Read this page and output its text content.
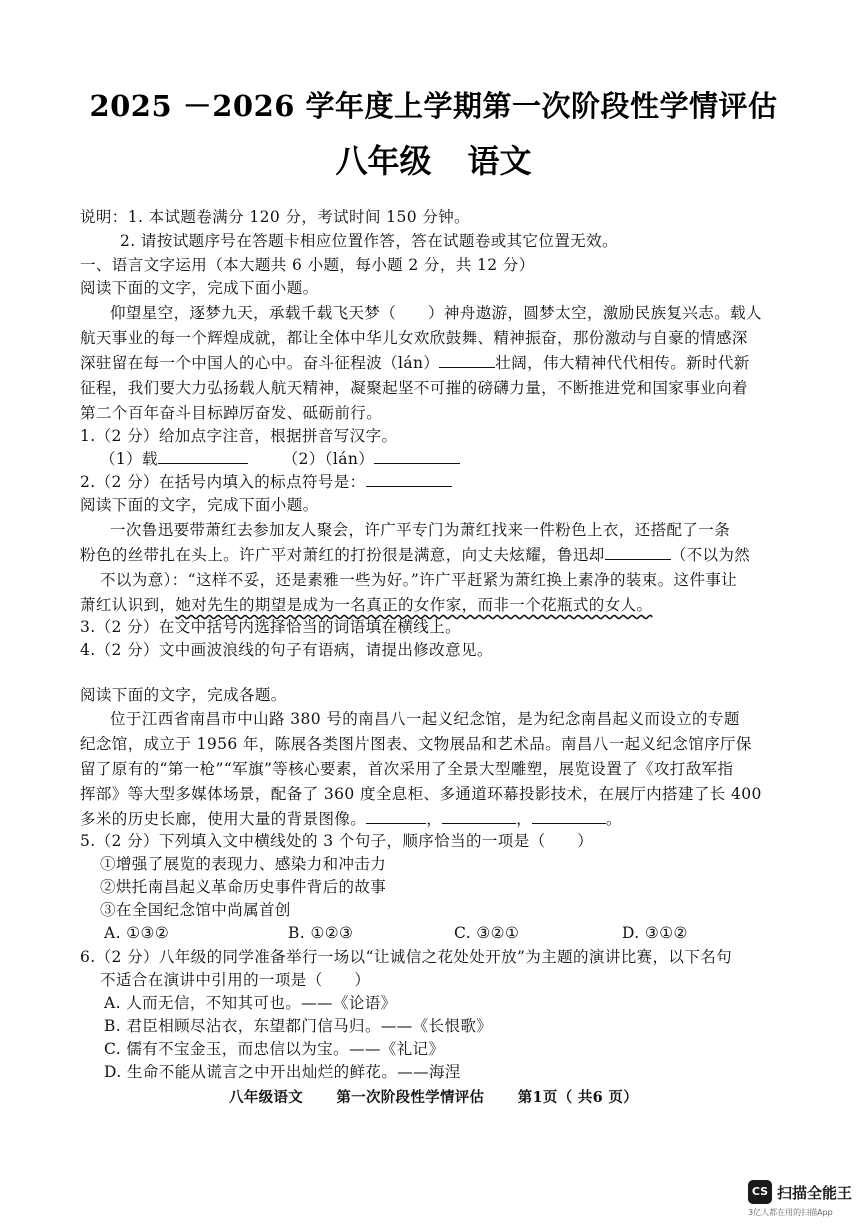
2025 －2026 学年度上学期第一次阶段性学情评估
八年级 语文
说明：1. 本试题卷满分 120 分，考试时间 150 分钟。
2. 请按试题序号在答题卡相应位置作答，答在试题卷或其它位置无效。
一、语言文字运用（本大题共 6 小题，每小题 2 分，共 12 分）
阅读下面的文字，完成下面小题。
仰望星空，逐梦九天，承载千载飞天梦（　　）神舟遨游，圆梦太空，激励民族复兴志。载人
航天事业的每一个辉煌成就，都让全体中华儿女欢欣鼓舞、精神振奋，那份激动与自豪的情感深
深驻留在每一个中国人的心中。奋斗征程波（lán）	壮阔，伟大精神代代相传。新时代新
征程，我们要大力弘扬载人航天精神，凝聚起坚不可摧的磅礴力量，不断推进党和国家事业向着
第二个百年奋斗目标踔厉奋发、砥砺前行。
1.（2 分）给加点字注音，根据拼音写汉字。
（1）载	（2）（lán）
2.（2 分）在括号内填入的标点符号是：
阅读下面的文字，完成下面小题。
一次鲁迅要带萧红去参加友人聚会，许广平专门为萧红找来一件粉色上衣，还搭配了一条
粉色的丝带扎在头上。许广平对萧红的打扮很是满意，向丈夫炫耀，鲁迅却	（不以为然
不以为意）：“这样不妥，还是素雅一些为好。”许广平赶紧为萧红换上素净的装束。这件事让
萧红认识到，她对先生的期望是成为一名真正的女作家，而非一个花瓶式的女人。
3.（2 分）在文中括号内选择恰当的词语填在横线上。
4.（2 分）文中画波浪线的句子有语病，请提出修改意见。
阅读下面的文字，完成各题。
位于江西省南昌市中山路 380 号的南昌八一起义纪念馆，是为纪念南昌起义而设立的专题
纪念馆，成立于 1956 年，陈展各类图片图表、文物展品和艺术品。南昌八一起义纪念馆序厅保
留了原有的“第一枪”“军旗”等核心要素，首次采用了全景大型雕塑，展览设置了《攻打敌军指
挥部》等大型多媒体场景，配备了 360 度全息柜、多通道环幕投影技术，在展厅内搭建了长 400
多米的历史长廊，使用大量的背景图像。	，	，	。
5.（2 分）下列填入文中横线处的 3 个句子，顺序恰当的一项是（　　）
①增强了展览的表现力、感染力和冲击力
②烘托南昌起义革命历史事件背后的故事
③在全国纪念馆中尚属首创
A. ①③②	B. ①②③	C. ③②①	D. ③①②
6.（2 分）八年级的同学准备举行一场以“让诚信之花处处开放”为主题的演讲比赛，以下名句
不适合在演讲中引用的一项是（　　）
A. 人而无信，不知其可也。——《论语》
B. 君臣相顾尽沾衣，东望都门信马归。——《长恨歌》
C. 儒有不宝金玉，而忠信以为宝。——《礼记》
D. 生命不能从谎言之中开出灿烂的鲜花。——海涅
八年级语文 第一次阶段性学情评估 第1页（ 共6 页）
CS 扫描全能王
3亿人都在用的扫描App
